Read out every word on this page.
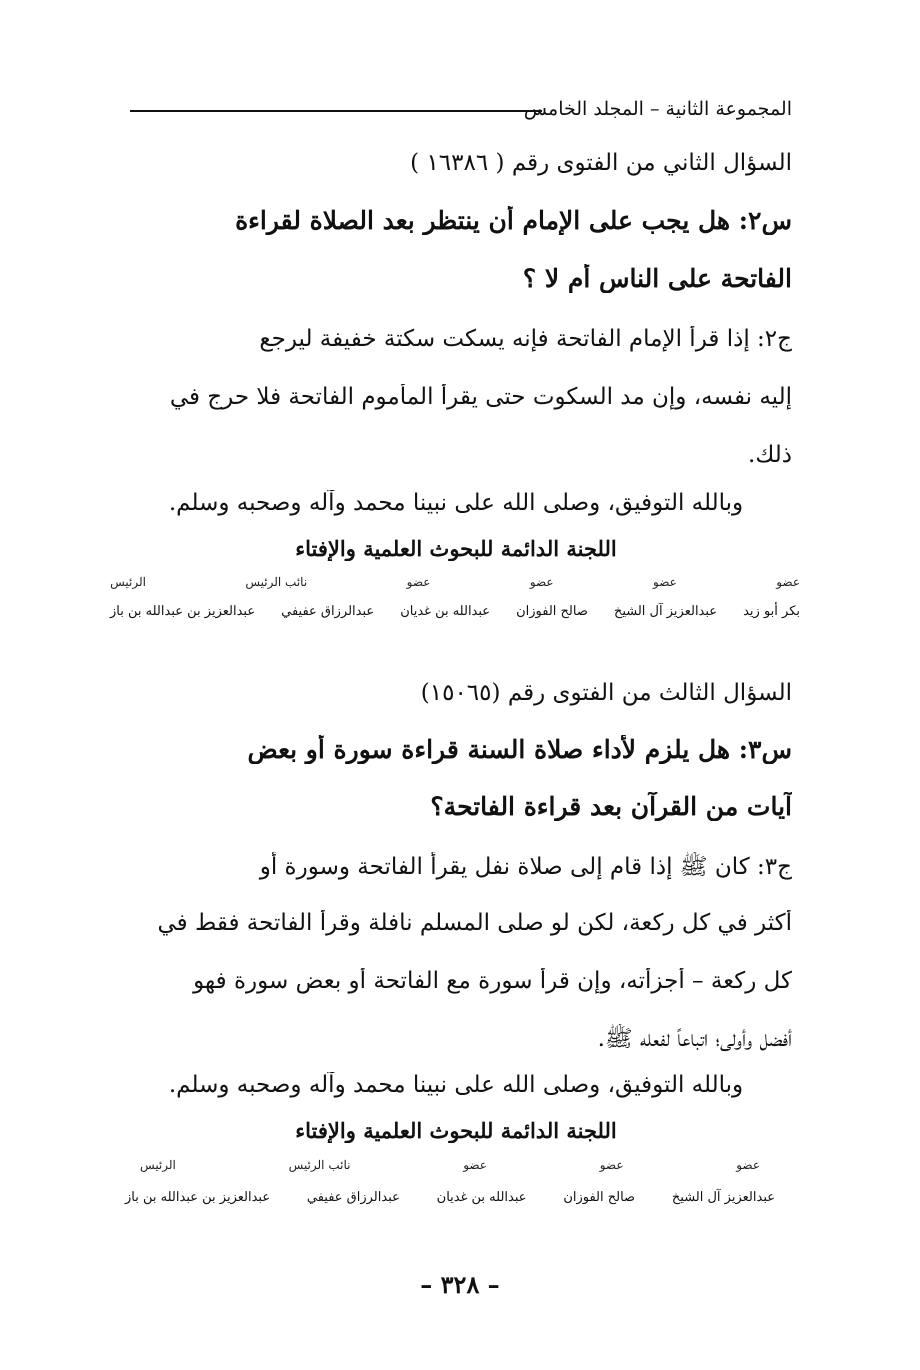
المجموعة الثانية – المجلد الخامس
السؤال الثاني من الفتوى رقم ( ١٦٣٨٦ )
س٢: هل يجب على الإمام أن ينتظر بعد الصلاة لقراءة
الفاتحة على الناس أم لا ؟
ج٢: إذا قرأ الإمام الفاتحة فإنه يسكت سكتة خفيفة ليرجع
إليه نفسه، وإن مد السكوت حتى يقرأ المأموم الفاتحة فلا حرج في
ذلك.
وبالله التوفيق، وصلى الله على نبينا محمد وآله وصحبه وسلم.
اللجنة الدائمة للبحوث العلمية والإفتاء
عضو
عضو
عضو
عضو
نائب الرئيس
الرئيس
بكر أبو زيد
عبدالعزيز آل الشيخ
صالح الفوزان
عبدالله بن غديان
عبدالرزاق عفيفي
عبدالعزيز بن عبدالله بن باز
السؤال الثالث من الفتوى رقم (١٥٠٦٥)
س٣: هل يلزم لأداء صلاة السنة قراءة سورة أو بعض
آيات من القرآن بعد قراءة الفاتحة؟
ج٣: كان ﷺ إذا قام إلى صلاة نفل يقرأ الفاتحة وسورة أو
أكثر في كل ركعة، لكن لو صلى المسلم نافلة وقرأ الفاتحة فقط في
كل ركعة – أجزأته، وإن قرأ سورة مع الفاتحة أو بعض سورة فهو
أفضل وأولى؛ اتباعاً لفعله ﷺ.
وبالله التوفيق، وصلى الله على نبينا محمد وآله وصحبه وسلم.
اللجنة الدائمة للبحوث العلمية والإفتاء
عضو
عضو
عضو
نائب الرئيس
الرئيس
عبدالعزيز آل الشيخ
صالح الفوزان
عبدالله بن غديان
عبدالرزاق عفيفي
عبدالعزيز بن عبدالله بن باز
– ٣٢٨ –
